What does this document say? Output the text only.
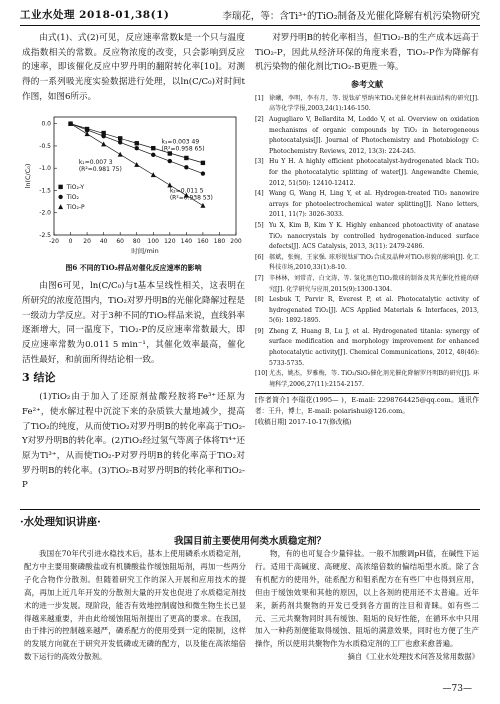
工业水处理 2018-01,38(1)	李瑞花，等：含Ti³⁺的TiO₂制备及光催化降解有机污染物研究

由式(1)、式(2)可见，反应速率常数k是一个只与温度成指数相关的常数。反应物浓度的改变，只会影响到反应的速率，即该催化反应中罗丹明的翻附转化率[10]。对测得的一系列吸光度实验数据进行处理，以ln(C/C₀)对时间t作图，如图6所示。

-20 0 20 40 60 80 100 120 140 160 180 200
0.0
-0.5
-1.0
-1.5
-2.0
-2.5
时间/min
ln(C/C₀)
k₃=0.003 49
(R²=0.958 65)
k₁=0.007 3
(R²=0.981 75)
k₂=0.011 5
(R²=0.938 53)
TiO₂-Y
TiO₂
TiO₂-P

图6 不同的TiO₂样品对催化反应速率的影响

由图6可见，ln(C/C₀)与t基本呈线性相关，这表明在所研究的浓度范围内，TiO₂对罗丹明B的光催化降解过程是一级动力学反应。对于3种不同的TiO₂样品来说，直线斜率逐渐增大，同一温度下，TiO₂-P的反应速率常数最大，即反应速率常数为0.011 5 min⁻¹，其催化效率最高，催化活性最好，和前面所得结论相一致。

3 结论

(1)TiO₂由于加入了还原剂盐酸羟胺将Fe³⁺还原为Fe²⁺，使水解过程中沉淀下来的杂质铁大量地减少，提高了TiO₂的纯度，从而使TiO₂对罗丹明B的转化率高于TiO₂-Y对罗丹明B的转化率。(2)TiO₂经过氢气等离子体将Ti⁴⁺还原为Ti³⁺，从而使TiO₂-P对罗丹明B的转化率高于TiO₂对罗丹明B的转化率。(3)TiO₂-B对罗丹明B的转化率和TiO₂-P

对罗丹明B的转化率相当，但TiO₂-B的生产成本远高于TiO₂-P，因此从经济环保的角度来看，TiO₂-P作为降解有机污染物的催化剂比TiO₂-B更胜一筹。

参考文献
[1] 徐曦，李明，李有月，等. 锐钛矿型纳米TiO₂光催化材料表面结构的研究[J]. 高等化学学报,2003,24(1):146-150.
[2] Augugliaro V, Bellardita M, Loddo V, et al. Overview on oxidation mechanisms of organic compounds by TiO₂ in heterogeneous photocatalysis[J]. Journal of Photochemistry and Photobiology C: Photochemistry Reviews, 2012, 13(3): 224-245.
[3] Hu Y H. A highly efficient photocatalyst-hydrogenated black TiO₂ for the photocatalytic splitting of water[J]. Angewandte Chemie, 2012, 51(50): 12410-12412.
[4] Wang G, Wang H, Ling Y, et al. Hydrogen-treated TiO₂ nanowire arrays for photoelectrochemical water splitting[J]. Nano letters, 2011, 11(7): 3026-3033.
[5] Yu X, Kim B, Kim Y K. Highly enhanced photoactivity of anatase TiO₂ nanocrystals by controlled hydrogenation-induced surface defects[J]. ACS Catalysis, 2013, 3(11): 2479-2486.
[6] 郝斌，张婉，王家强. 球形锐钛矿TiO₂合成及晶种对TiO₂形貌的影响[J]. 化工科技市场,2010,33(1):8-10.
[7] 辛林林，刘常青，白文涛，等. 氢化黑色TiO₂微球的制备及其光催化性能的研究[J]. 化学研究与应用,2015(9):1300-1304.
[8] Lesbuk T, Parvir R, Everest P, et al. Photocatalytic activity of hydrogenated TiO₂[J]. ACS Applied Materials & Interfaces, 2013, 5(6): 1892-1895.
[9] Zheng Z, Huang B, Lu J, et al. Hydrogenated titania: synergy of surface modification and morphology improvement for enhanced photocatalytic activity[J]. Chemical Communications, 2012, 48(46): 5733-5735.
[10] 尤杰，姚杰，罗雅梅，等. TiO₂/SiO₂催化剂光催化降解罗丹明B的研究[J]. 环境科学,2006,27(11):2154-2157.
[作者简介] 李瑞花(1995— )，E-mail: 2298764425@qq.com。通讯作者：王升，博士，E-mail: poiarishui@126.com。
[收稿日期] 2017-10-17(修改稿)
·水处理知识讲座·
我国目前主要使用何类水质稳定剂？

我国在70年代引进水稳技术后，基本上使用磷系水质稳定剂，配方中主要用聚磷酸盐或有机膦酸盐作缓蚀阻垢剂，再加一些两分子化合物作分散剂。但随着研究工作的深入开展和应用技术的提高，再加上近几年开发的分散剂大量的开发也促进了水质稳定剂技术的进一步发展。现阶段，能否有效地控制腐蚀和微生物生长已显得越来越重要，并由此给缓蚀阻垢剂提出了更高的要求。在我国，由于排污的控制越来越严，磷系配方的使用受到一定的限制，这样的发展方向就在于研究开发低磷或无磷的配方，以及能在高浓缩倍数下运行的高效分散剂。

物，有的也可复合少量锌盐。一般不加酸调pH值，在碱性下运行。适用于高碱度、高硬度、高浓缩倍数的偏结垢型水质。除了含有机配方的使用外，硅系配方和钼系配方在有些厂中也得到应用，但由于缓蚀效果和其他的原因，以上各剂的使用还不太普遍。近年来，新药剂共聚物的开发已受到各方面的注目和青睐。如有些二元、三元共聚物同时具有缓蚀、阻垢的良好性能，在循环水中只用加入一种药剂便能取得缓蚀、阻垢的满意效果，同时也方便了生产操作，所以使用共聚物作为水质稳定剂的工厂也愈来愈普遍。

摘自《工业水处理技术问答及常用数据》
—73—
